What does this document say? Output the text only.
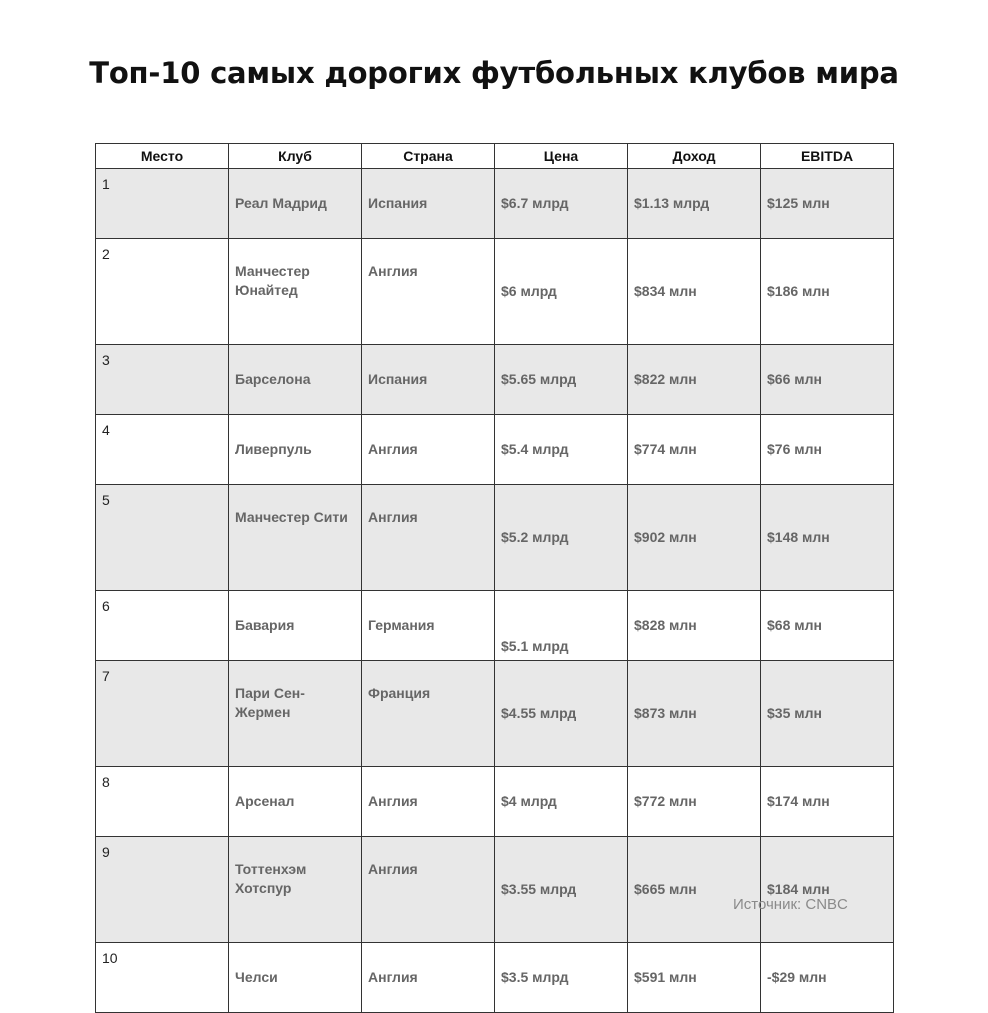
Топ-10 самых дорогих футбольных клубов мира
Место	Клуб	Страна	Цена	Доход	EBITDA
1	Реал Мадрид	Испания	$6.7 млрд	$1.13 млрд	$125 млн
2	Манчестер Юнайтед	Англия	$6 млрд	$834 млн	$186 млн
3	Барселона	Испания	$5.65 млрд	$822 млн	$66 млн
4	Ливерпуль	Англия	$5.4 млрд	$774 млн	$76 млн
5	Манчестер Сити	Англия	$5.2 млрд	$902 млн	$148 млн
6	Бавария	Германия	$5.1 млрд	$828 млн	$68 млн
7	Пари Сен-Жермен	Франция	$4.55 млрд	$873 млн	$35 млн
8	Арсенал	Англия	$4 млрд	$772 млн	$174 млн
9	Тоттенхэм Хотспур	Англия	$3.55 млрд	$665 млн	$184 млн
10	Челси	Англия	$3.5 млрд	$591 млн	-$29 млн
Источник: CNBC
